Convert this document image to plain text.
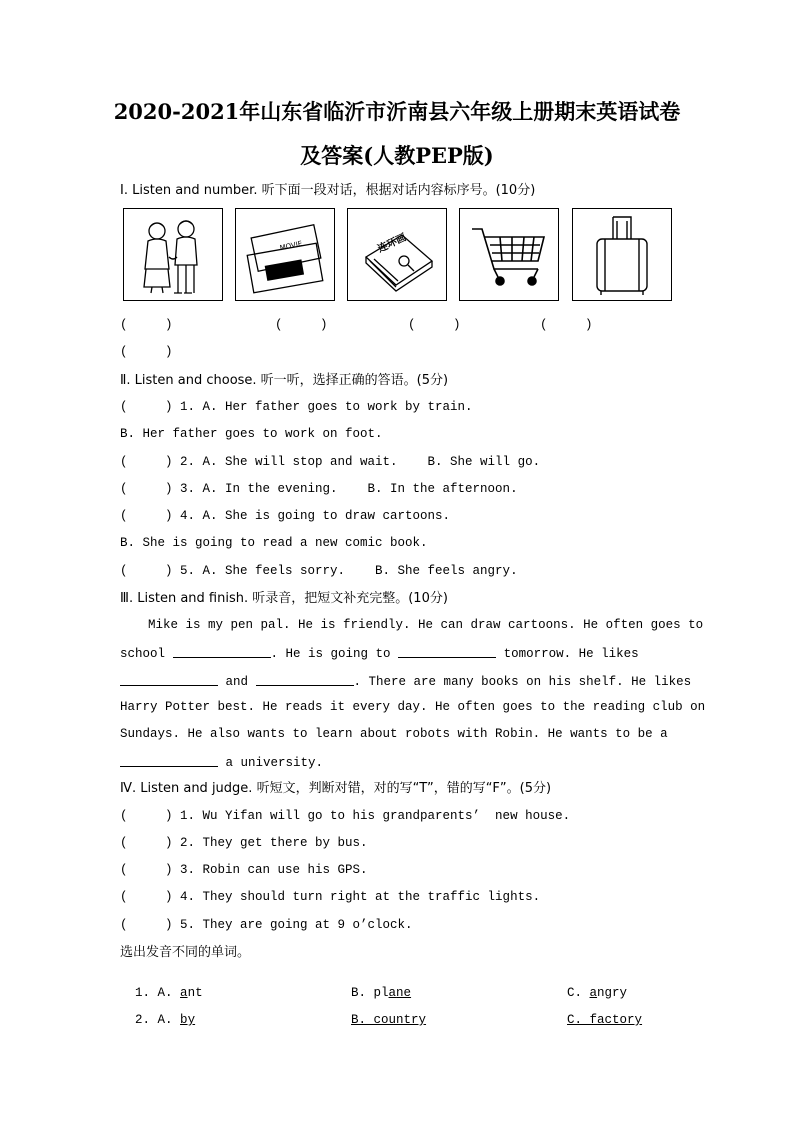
2020-2021年山东省临沂市沂南县六年级上册期末英语试卷
及答案(人教PEP版)
Ⅰ. Listen and number. 听下面一段对话，根据对话内容标序号。(10分)
MOVIE	连环画
(     )	(     )	(     )	(     )
(     )
Ⅱ. Listen and choose. 听一听，选择正确的答语。(5分)
(     ) 1. A. Her father goes to work by train.
B. Her father goes to work on foot.
(     ) 2. A. She will stop and wait.    B. She will go.
(     ) 3. A. In the evening.    B. In the afternoon.
(     ) 4. A. She is going to draw cartoons.
B. She is going to read a new comic book.
(     ) 5. A. She feels sorry.    B. She feels angry.
Ⅲ. Listen and finish. 听录音，把短文补充完整。(10分)
Mike is my pen pal. He is friendly. He can draw cartoons. He often goes to
school	. He is going to	tomorrow. He likes
and	. There are many books on his shelf. He likes
Harry Potter best. He reads it every day. He often goes to the reading club on
Sundays. He also wants to learn about robots with Robin. He wants to be a
a university.
Ⅳ. Listen and judge. 听短文，判断对错，对的写“T”，错的写“F”。(5分)
(     ) 1. Wu Yifan will go to his grandparents’  new house.
(     ) 2. They get there by bus.
(     ) 3. Robin can use his GPS.
(     ) 4. They should turn right at the traffic lights.
(     ) 5. They are going at 9 o’clock.
选出发音不同的单词。

1. A. ant	B. plane	C. angry

2. A. by	B. country	C. factory
